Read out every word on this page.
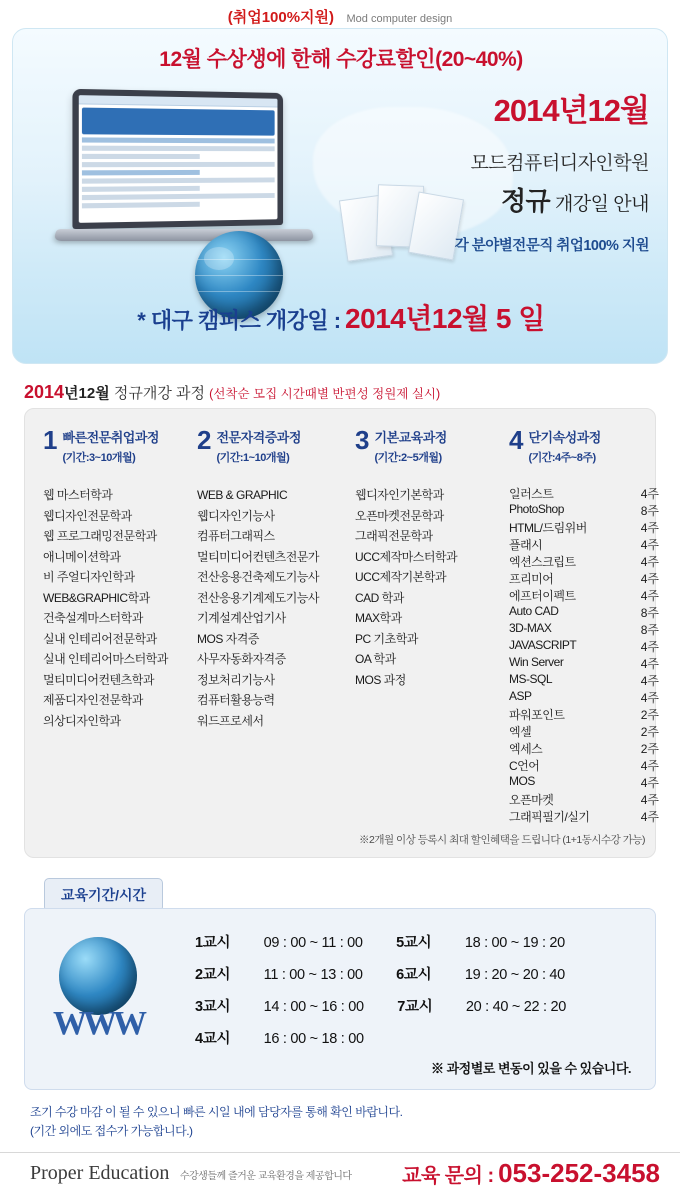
(취업100%지원) Mod computer design
12월 수상생에 한해 수강료할인(20~40%)
2014년12월
모드컴퓨터디자인학원
정규 개강일 안내
각 분야별전문직 취업100% 지원
* 대구 캠퍼스 개강일 : 2014년12월 5 일
2014년12월 정규개강 과정 (선착순 모집 시간때별 반편성 정원제 실시)
1 빠른전문취업과정
(기간:3~10개월)
웹 마스터학과
웹디자인전문학과
웹 프로그래밍전문학과
애니메이션학과
비 주얼디자인학과
WEB&GRAPHIC학과
건축설계마스터학과
실내 인테리어전문학과
실내 인테리어마스터학과
멀티미디어컨텐츠학과
제품디자인전문학과
의상디자인학과
2 전문자격증과정
(기간:1~10개월)
WEB & GRAPHIC
웹디자인기능사
컴퓨터그래픽스
멀티미디어컨텐츠전문가
전산응용건축제도기능사
전산응용기계제도기능사
기계설계산업기사
MOS 자격증
사무자동화자격증
정보처리기능사
컴퓨터활용능력
워드프로세서
3 기본교육과정
(기간:2~5개월)
웹디자인기본학과
오픈마켓전문학과
그래픽전문학과
UCC제작마스터학과
UCC제작기본학과
CAD 학과
MAX학과
PC 기초학과
OA 학과
MOS 과정
4 단기속성과정
(기간:4주~8주)
일러스트	4주
PhotoShop	8주
HTML/드림위버	4주
플래시	4주
엑션스크립트	4주
프리미어	4주
에프터이펙트	4주
Auto CAD	8주
3D-MAX	8주
JAVASCRIPT	4주
Win Server	4주
MS-SQL	4주
ASP	4주
파워포인트	2주
엑셀	2주
엑세스	2주
C언어	4주
MOS	4주
오픈마켓	4주
그래픽필기/실기	4주
※2개월 이상 등록시 최대 할인혜택을 드립니다 (1+1동시수강 가능)
교육기간/시간
WWW
1교시 09 : 00 ~ 11 : 00 5교시 18 : 00 ~ 19 : 20
2교시 11 : 00 ~ 13 : 00 6교시 19 : 20 ~ 20 : 40
3교시 14 : 00 ~ 16 : 00 7교시 20 : 40 ~ 22 : 20
4교시 16 : 00 ~ 18 : 00
※ 과정별로 변동이 있을 수 있습니다.
조기 수강 마감 이 될 수 있으니 빠른 시일 내에 담당자를 통해 확인 바랍니다.
(기간 외에도 접수가 가능합니다.)
Proper Education 수강생들께 즐거운 교육환경을 제공합니다	교육 문의 : 053-252-3458
